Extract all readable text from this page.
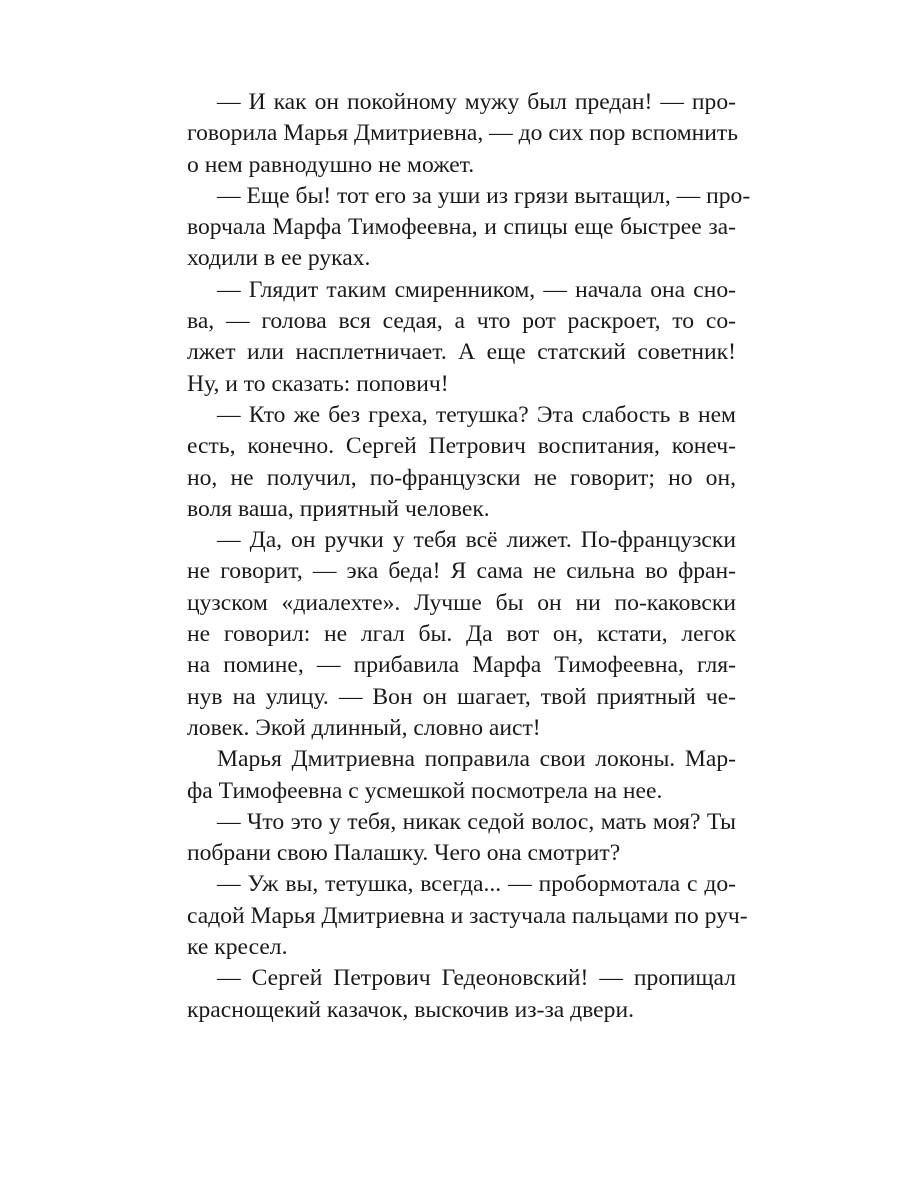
— И как он покойному мужу был предан! — про-
говорила Марья Дмитриевна, — до сих пор вспомнить
о нем равнодушно не может.
— Еще бы! тот его за уши из грязи вытащил, — про-
ворчала Марфа Тимофеевна, и спицы еще быстрее за-
ходили в ее руках.
— Глядит таким смиренником, — начала она сно-
ва, — голова вся седая, а что рот раскроет, то со-
лжет или насплетничает. А еще статский советник!
Ну, и то сказать: попович!
— Кто же без греха, тетушка? Эта слабость в нем
есть, конечно. Сергей Петрович воспитания, конеч-
но, не получил, по-французски не говорит; но он,
воля ваша, приятный человек.
— Да, он ручки у тебя всё лижет. По-французски
не говорит, — эка беда! Я сама не сильна во фран-
цузском «диалехте». Лучше бы он ни по-каковски
не говорил: не лгал бы. Да вот он, кстати, легок
на помине, — прибавила Марфа Тимофеевна, гля-
нув на улицу. — Вон он шагает, твой приятный че-
ловек. Экой длинный, словно аист!
Марья Дмитриевна поправила свои локоны. Мар-
фа Тимофеевна с усмешкой посмотрела на нее.
— Что это у тебя, никак седой волос, мать моя? Ты
побрани свою Палашку. Чего она смотрит?
— Уж вы, тетушка, всегда... — пробормотала с до-
садой Марья Дмитриевна и застучала пальцами по руч-
ке кресел.
— Сергей Петрович Гедеоновский! — пропищал
краснощекий казачок, выскочив из-за двери.
